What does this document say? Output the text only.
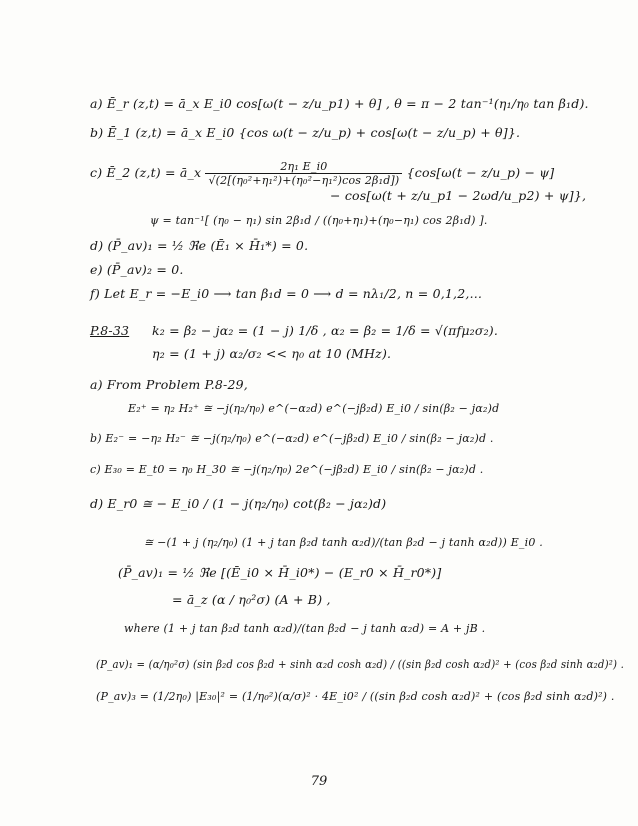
a) Ē_r (z,t) = ā_x E_i0 cos[ω(t − z/u_p1) + θ] , θ = π − 2 tan⁻¹(η₁/η₀ tan β₁d).
b) Ē_1 (z,t) = ā_x E_i0 {cos ω(t − z/u_p) + cos[ω(t − z/u_p) + θ]}.
c) Ē_2 (z,t) = ā_x $\frac{\text{2η₁ E\_i0}}{\text{√(2[(η₀²+η₁²)+(η₀²−η₁²)cos 2β₁d])}} \{\cos[\omega(t$ − z/u_p) − ψ]
− cos[ω(t + z/u_p1 − 2ωd/u_p2) + ψ]},
ψ = tan⁻¹[ (η₀ − η₁) sin 2β₁d / ((η₀+η₁)+(η₀−η₁) cos 2β₁d) ].
d) (P̄_av)₁ = ½ ℜe (Ē₁ × H̄₁*) = 0.
e) (P̄_av)₂ = 0.
f) Let E_r = −E_i0 ⟶ tan β₁d = 0 ⟶ d = nλ₁/2, n = 0,1,2,…
P.8-33 k₂ = β₂ − jα₂ = (1 − j) 1/δ , α₂ = β₂ = 1/δ = √(πfμ₂σ₂).
η₂ = (1 + j) α₂/σ₂ << η₀ at 10 (MHz).
a) From Problem P.8-29,
E₂⁺ = η₂ H₂⁺ ≅ −j(η₂/η₀) e^(−α₂d) e^(−jβ₂d) E_i0 / sin(β₂ − jα₂)d
b) E₂⁻ = −η₂ H₂⁻ ≅ −j(η₂/η₀) e^(−α₂d) e^(−jβ₂d) E_i0 / sin(β₂ − jα₂)d .
c) E₃₀ = E_t0 = η₀ H_30 ≅ −j(η₂/η₀) 2e^(−jβ₂d) E_i0 / sin(β₂ − jα₂)d .
d) E_r0 ≅ − E_i0 / (1 − j(η₂/η₀) cot(β₂ − jα₂)d)
≅ −(1 + j (η₂/η₀) (1 + j tan β₂d tanh α₂d)/(tan β₂d − j tanh α₂d)) E_i0 .
(P̄_av)₁ = ½ ℜe [(Ē_i0 × H̄_i0*) − (E_r0 × H̄_r0*)]
= ā_z (α / η₀²σ) (A + B) ,
where (1 + j tan β₂d tanh α₂d)/(tan β₂d − j tanh α₂d) = A + jB .
(P_av)₁ = (α/η₀²σ) (sin β₂d cos β₂d + sinh α₂d cosh α₂d) / ((sin β₂d cosh α₂d)² + (cos β₂d sinh α₂d)²) .
(P_av)₃ = (1/2η₀) |E₃₀|² = (1/η₀²)(α/σ)² · 4E_i0² / ((sin β₂d cosh α₂d)² + (cos β₂d sinh α₂d)²) .
79
